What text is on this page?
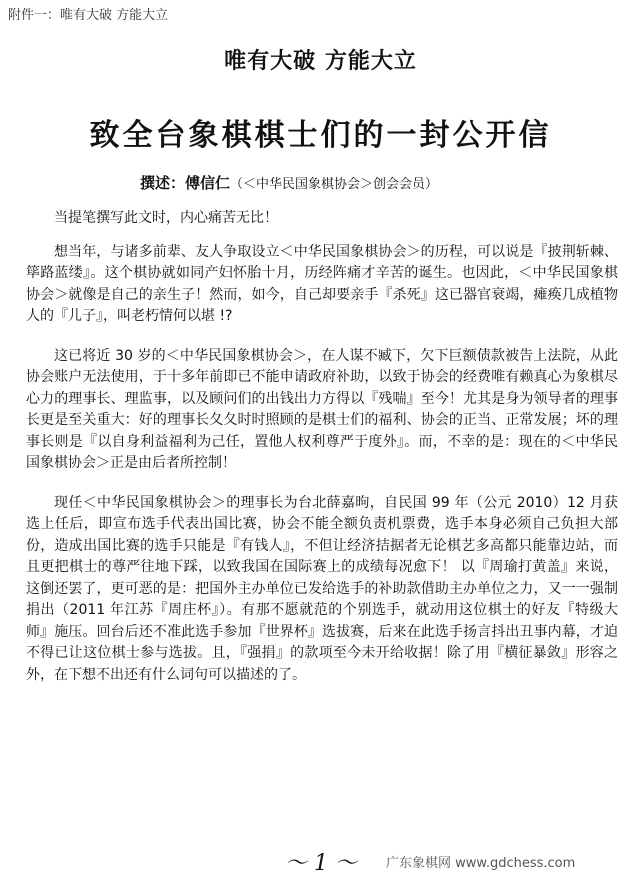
附件一：唯有大破 方能大立
唯有大破 方能大立
致全台象棋棋士们的一封公开信
撰述：傅信仁（＜中华民国象棋协会＞创会会员）

当提笔撰写此文时，内心痛苦无比！

想当年，与诸多前辈、友人争取设立＜中华民国象棋协会＞的历程，可以说是『披荆斩棘、筚路蓝缕』。这个棋协就如同产妇怀胎十月，历经阵痛才辛苦的诞生。也因此，＜中华民国象棋协会＞就像是自己的亲生子！然而，如今，自己却要亲手『杀死』这已器官衰竭，瘫痪几成植物人的『儿子』，叫老朽情何以堪 !?

这已将近 30 岁的＜中华民国象棋协会＞，在人谋不臧下，欠下巨额债款被告上法院，从此协会账户无法使用，于十多年前即已不能申请政府补助，以致于协会的经费唯有赖真心为象棋尽心力的理事长、理监事，以及顾问们的出钱出力方得以『残喘』至今！尤其是身为领导者的理事长更是至关重大：好的理事长夂夂时时照顾的是棋士们的福利、协会的正当、正常发展；坏的理事长则是『以自身利益福利为己任，置他人权利尊严于度外』。而，不幸的是：现在的＜中华民国象棋协会＞正是由后者所控制！

现任＜中华民国象棋协会＞的理事长为台北薛嘉昫，自民国 99 年（公元 2010）12 月获选上任后，即宣布选手代表出国比赛，协会不能全额负责机票费，选手本身必须自己负担大部份，造成出国比赛的选手只能是『有钱人』，不但让经济拮据者无论棋艺多高都只能靠边站，而且更把棋士的尊严往地下踩，以致我国在国际赛上的成绩每况愈下！ 以『周瑜打黄盖』来说，这倒还罢了，更可恶的是：把国外主办单位已发给选手的补助款借助主办单位之力，又一一强制捐出（2011 年江苏『周庄杯』）。有那不愿就范的个别选手，就动用这位棋士的好友『特级大师』施压。回台后还不准此选手参加『世界杯』选拔赛，后来在此选手扬言抖出丑事内幕，才迫不得已让这位棋士参与选拔。且，『强捐』的款项至今未开给收据！除了用『横征暴敛』形容之外，在下想不出还有什么词句可以描述的了。

～ 1 ～ 广东象棋网 www.gdchess.com
